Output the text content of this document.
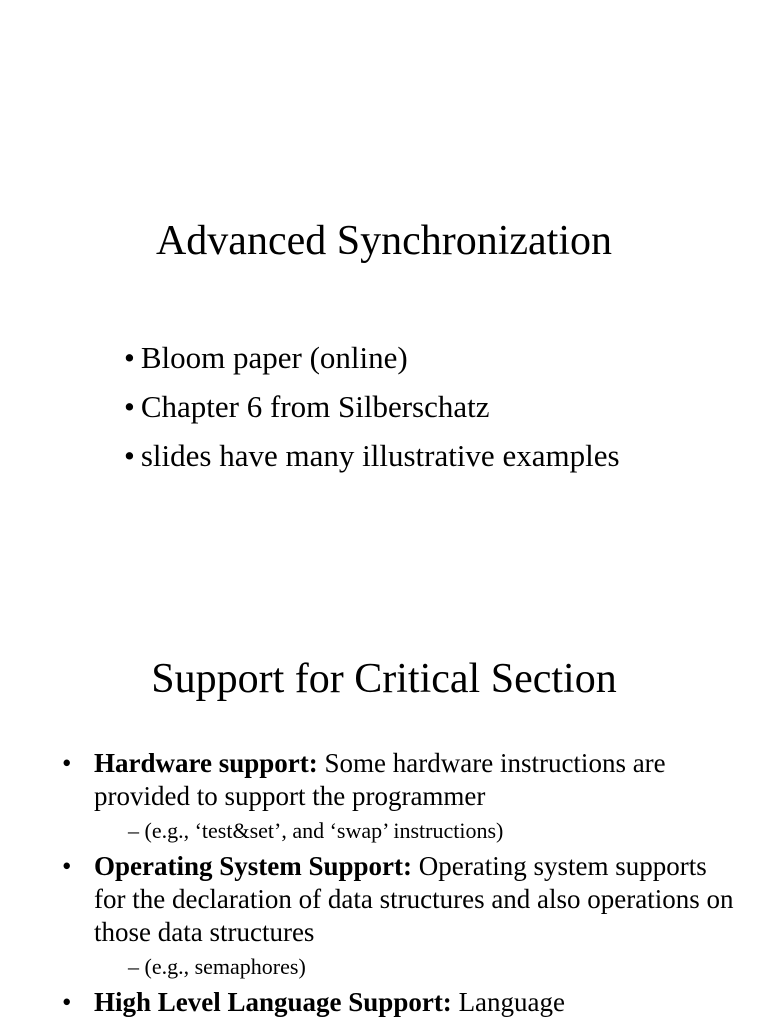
Advanced Synchronization
• Bloom paper (online)
• Chapter 6 from Silberschatz
• slides have many illustrative examples
Support for Critical Section
• Hardware support: Some hardware instructions are provided to support the programmer
– (e.g., ‘test&set’, and ‘swap’ instructions)
• Operating System Support: Operating system supports for the declaration of data structures and also operations on those data structures
– (e.g., semaphores)
• High Level Language Support: Language
